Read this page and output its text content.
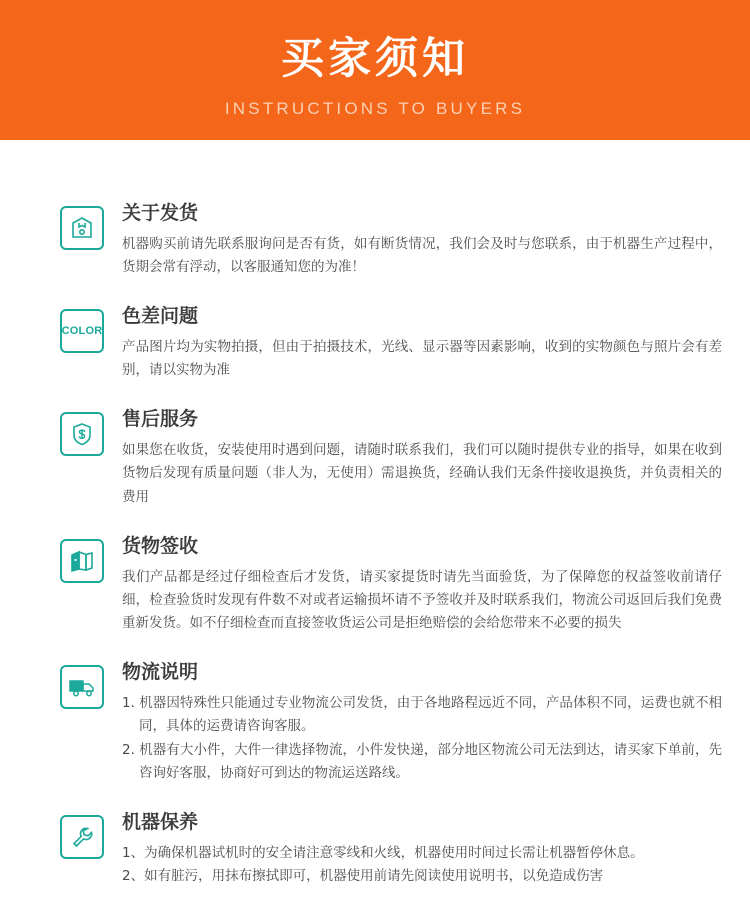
买家须知
INSTRUCTIONS TO BUYERS
关于发货

机器购买前请先联系服询问是否有货，如有断货情况，我们会及时与您联系，由于机器生产过程中，货期会常有浮动，以客服通知您的为准！

COLOR
色差问题

产品图片均为实物拍摄，但由于拍摄技术，光线、显示器等因素影响，收到的实物颜色与照片会有差别，请以实物为准

售后服务

如果您在收货，安装使用时遇到问题，请随时联系我们，我们可以随时提供专业的指导，如果在收到货物后发现有质量问题（非人为，无使用）需退换货，经确认我们无条件接收退换货，并负责相关的费用

货物签收

我们产品都是经过仔细检查后才发货，请买家提货时请先当面验货，为了保障您的权益签收前请仔细，检查验货时发现有件数不对或者运输损坏请不予签收并及时联系我们，物流公司返回后我们免费重新发货。如不仔细检查而直接签收货运公司是拒绝赔偿的会给您带来不必要的损失

物流说明
1. 机器因特殊性只能通过专业物流公司发货，由于各地路程远近不同，产品体积不同，运费也就不相同，具体的运费请咨询客服。
2. 机器有大小件，大件一律选择物流，小件发快递，部分地区物流公司无法到达，请买家下单前，先咨询好客服，协商好可到达的物流运送路线。
机器保养
1、为确保机器试机时的安全请注意零线和火线，机器使用时间过长需让机器暂停休息。
2、如有脏污，用抹布擦拭即可，机器使用前请先阅读使用说明书，以免造成伤害
